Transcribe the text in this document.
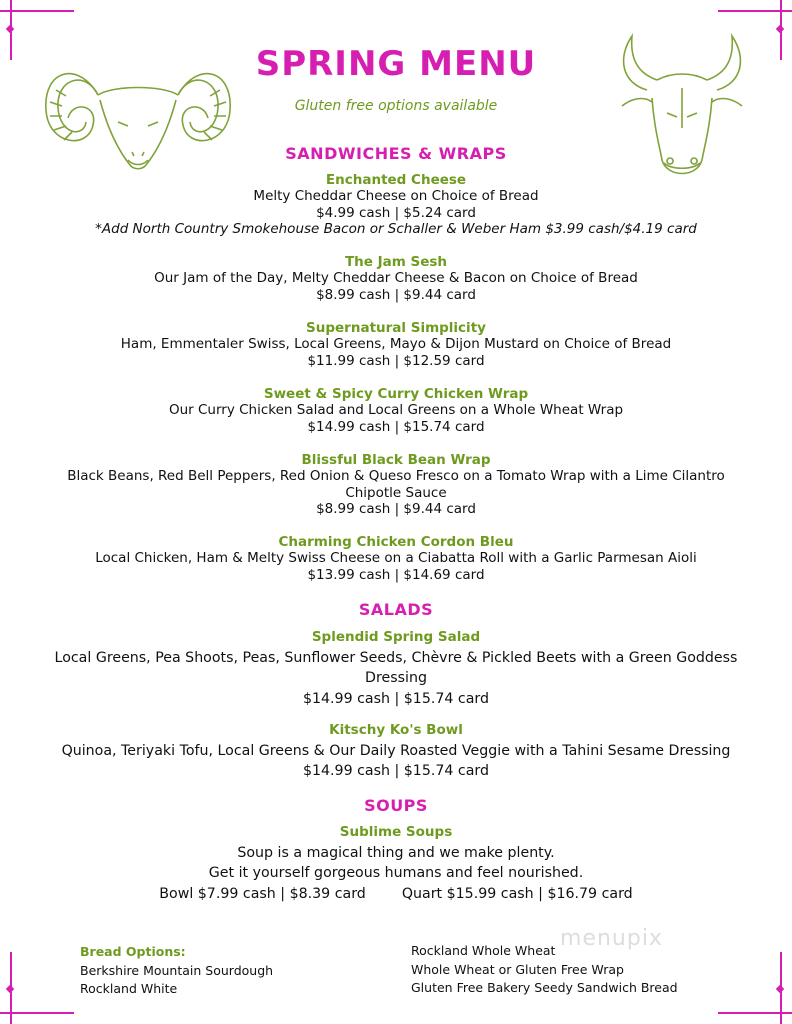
SPRING MENU
Gluten free options available
SANDWICHES & WRAPS
Enchanted Cheese
Melty Cheddar Cheese on Choice of Bread
$4.99 cash | $5.24 card
*Add North Country Smokehouse Bacon or Schaller & Weber Ham $3.99 cash/$4.19 card
The Jam Sesh
Our Jam of the Day, Melty Cheddar Cheese & Bacon on Choice of Bread
$8.99 cash | $9.44 card
Supernatural Simplicity
Ham, Emmentaler Swiss, Local Greens, Mayo & Dijon Mustard on Choice of Bread
$11.99 cash | $12.59 card
Sweet & Spicy Curry Chicken Wrap
Our Curry Chicken Salad and Local Greens on a Whole Wheat Wrap
$14.99 cash | $15.74 card
Blissful Black Bean Wrap
Black Beans, Red Bell Peppers, Red Onion & Queso Fresco on a Tomato Wrap with a Lime Cilantro
Chipotle Sauce
$8.99 cash | $9.44 card
Charming Chicken Cordon Bleu
Local Chicken, Ham & Melty Swiss Cheese on a Ciabatta Roll with a Garlic Parmesan Aioli
$13.99 cash | $14.69 card
SALADS
Splendid Spring Salad
Local Greens, Pea Shoots, Peas, Sunflower Seeds, Chèvre & Pickled Beets with a Green Goddess
Dressing
$14.99 cash | $15.74 card
Kitschy Ko's Bowl
Quinoa, Teriyaki Tofu, Local Greens & Our Daily Roasted Veggie with a Tahini Sesame Dressing
$14.99 cash | $15.74 card
SOUPS
Sublime Soups
Soup is a magical thing and we make plenty.
Get it yourself gorgeous humans and feel nourished.
Bowl $7.99 cash | $8.39 card        Quart $15.99 cash | $16.79 card
Bread Options:
Berkshire Mountain Sourdough
Rockland White
Rockland Whole Wheat
Whole Wheat or Gluten Free Wrap
Gluten Free Bakery Seedy Sandwich Bread
menupix
